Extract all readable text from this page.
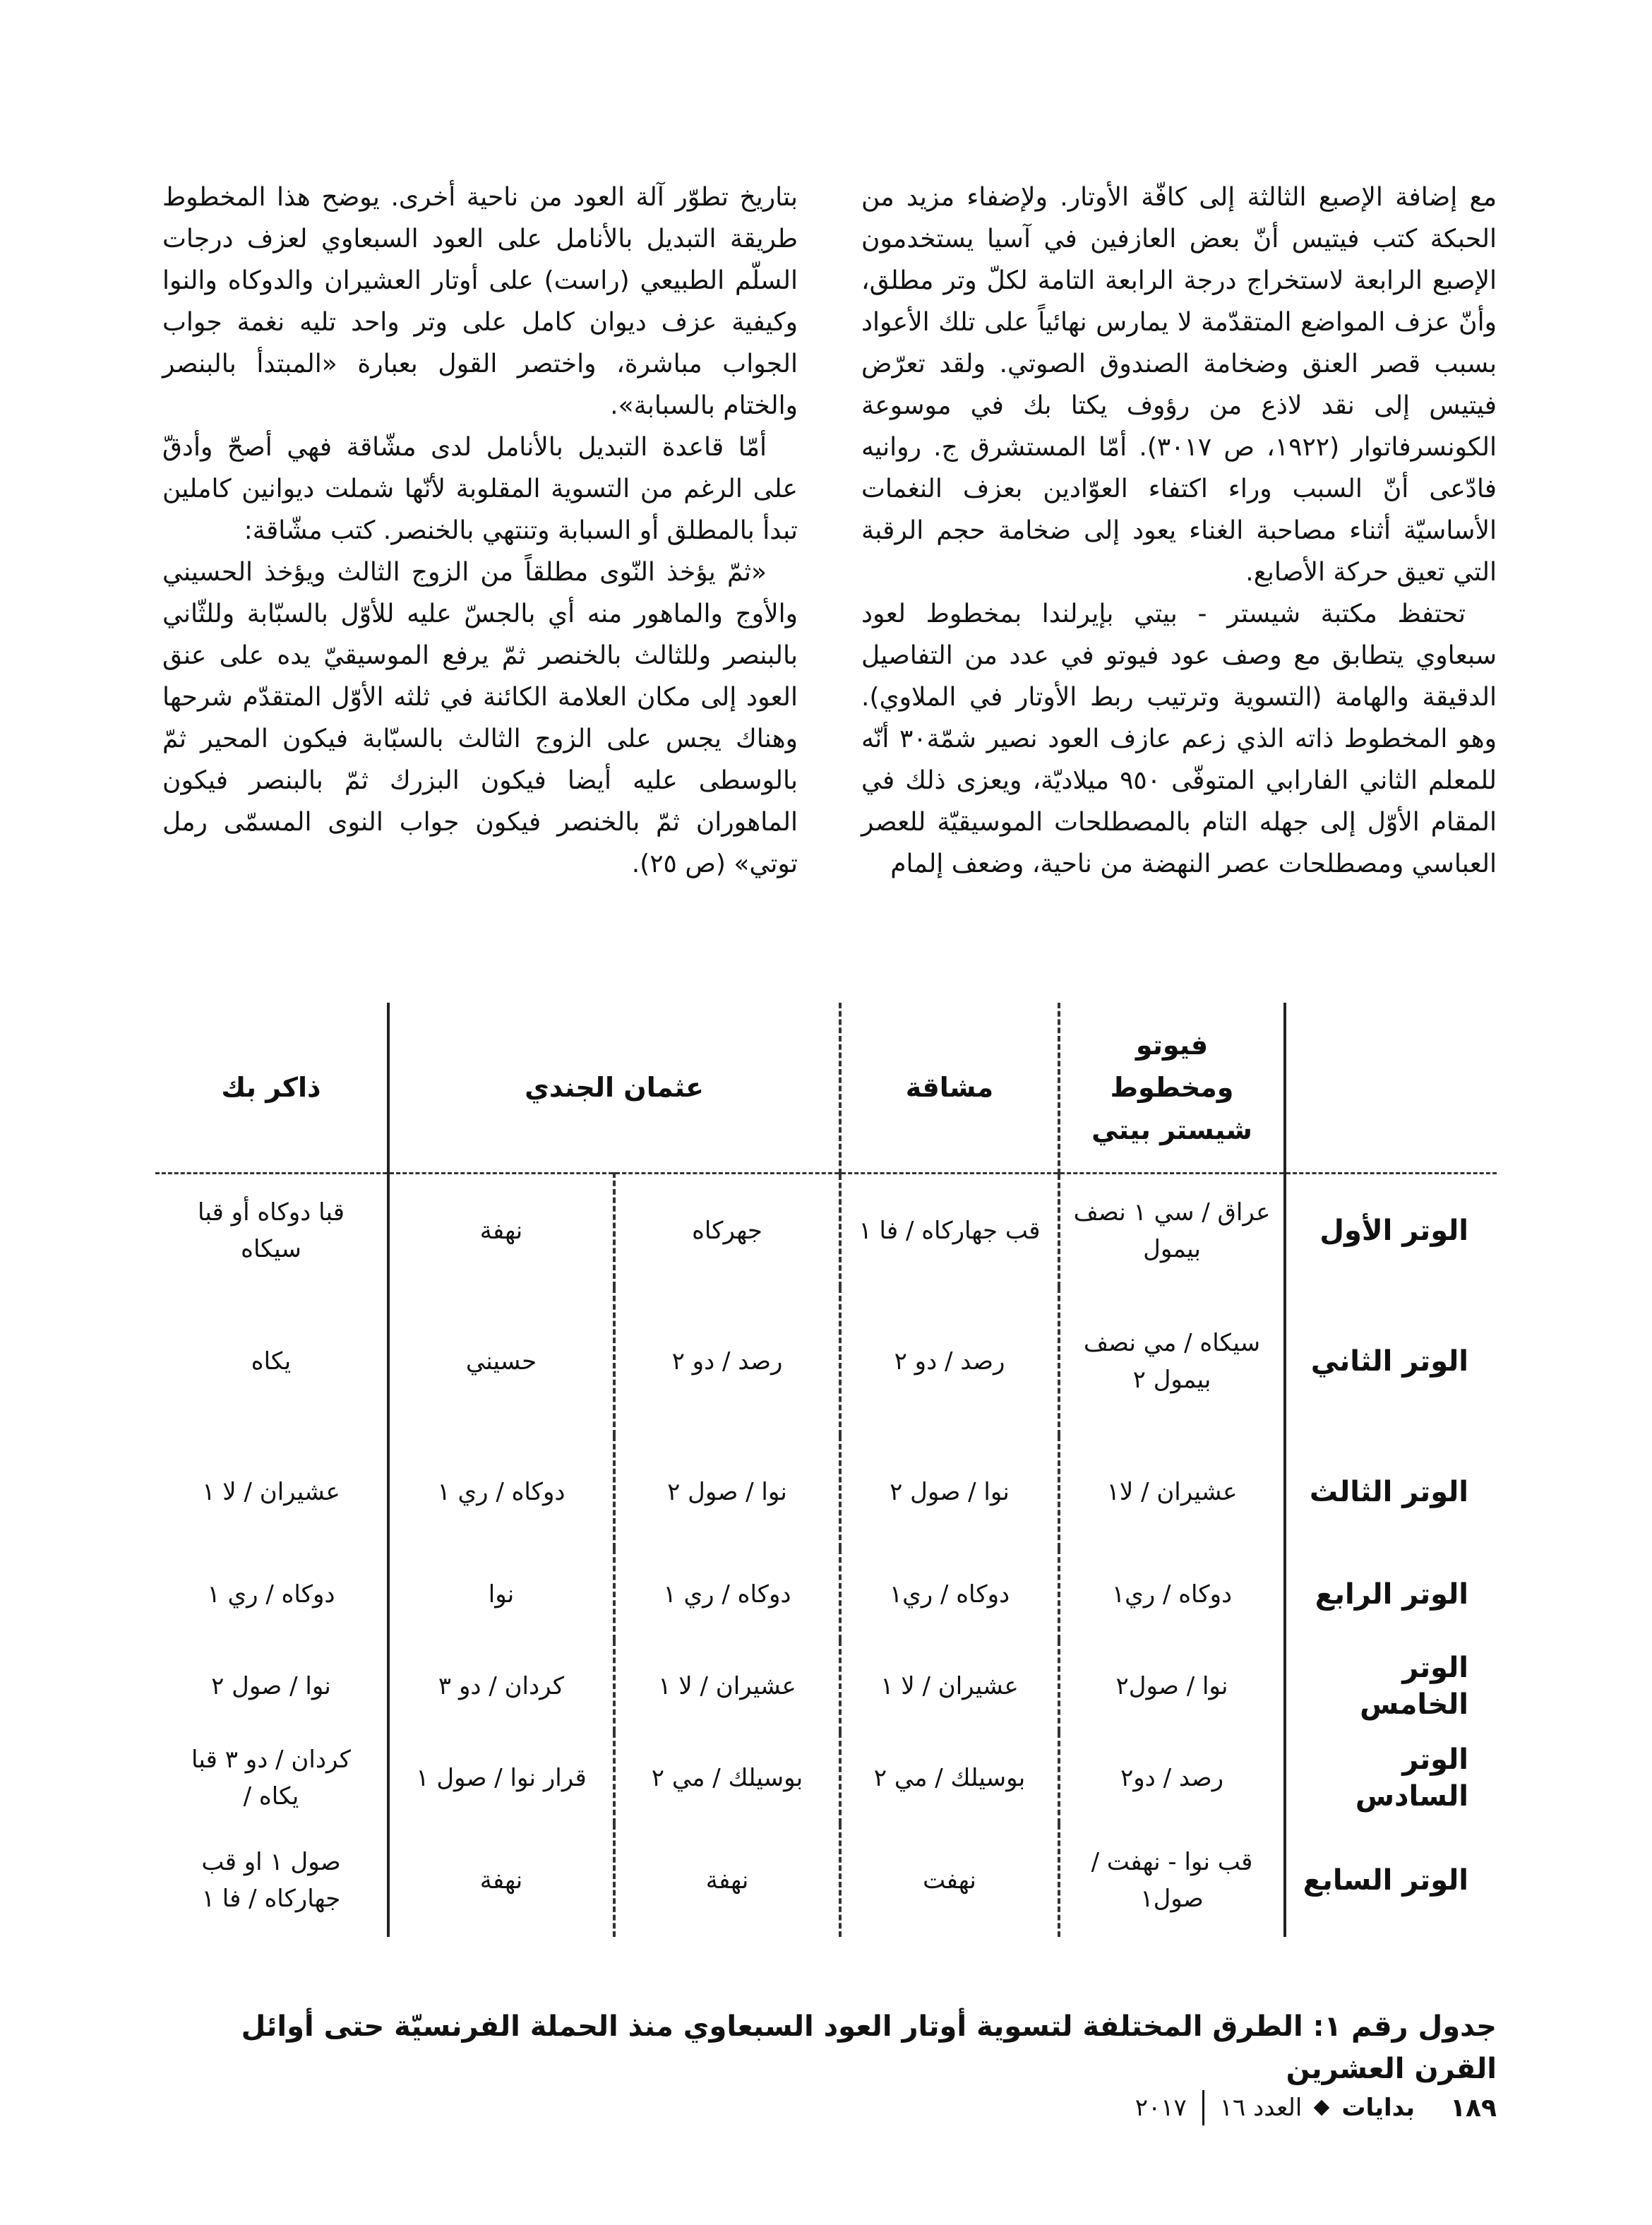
مع إضافة الإصبع الثالثة إلى كافّة الأوتار. ولإضفاء مزيد من الحبكة كتب فيتيس أنّ بعض العازفين في آسيا يستخدمون الإصبع الرابعة لاستخراج درجة الرابعة التامة لكلّ وتر مطلق، وأنّ عزف المواضع المتقدّمة لا يمارس نهائياً على تلك الأعواد بسبب قصر العنق وضخامة الصندوق الصوتي. ولقد تعرّض فيتيس إلى نقد لاذع من رؤوف يكتا بك في موسوعة الكونسرفاتوار (١٩٢٢، ص ٣٠١٧). أمّا المستشرق ج. روانيه فادّعى أنّ السبب وراء اكتفاء العوّادين بعزف النغمات الأساسيّة أثناء مصاحبة الغناء يعود إلى ضخامة حجم الرقبة التي تعيق حركة الأصابع.

تحتفظ مكتبة شيستر - بيتي بإيرلندا بمخطوط لعود سبعاوي يتطابق مع وصف عود فيوتو في عدد من التفاصيل الدقيقة والهامة (التسوية وترتيب ربط الأوتار في الملاوي). وهو المخطوط ذاته الذي زعم عازف العود نصير شمّة٣٠ أنّه للمعلم الثاني الفارابي المتوفّى ٩٥٠ ميلاديّة، ويعزى ذلك في المقام الأوّل إلى جهله التام بالمصطلحات الموسيقيّة للعصر العباسي ومصطلحات عصر النهضة من ناحية، وضعف إلمام

بتاريخ تطوّر آلة العود من ناحية أخرى. يوضح هذا المخطوط طريقة التبديل بالأنامل على العود السبعاوي لعزف درجات السلّم الطبيعي (راست) على أوتار العشيران والدوكاه والنوا وكيفية عزف ديوان كامل على وتر واحد تليه نغمة جواب الجواب مباشرة، واختصر القول بعبارة «المبتدأ بالبنصر والختام بالسبابة».

أمّا قاعدة التبديل بالأنامل لدى مشّاقة فهي أصحّ وأدقّ على الرغم من التسوية المقلوبة لأنّها شملت ديوانين كاملين تبدأ بالمطلق أو السبابة وتنتهي بالخنصر. كتب مشّاقة:

«ثمّ يؤخذ النّوى مطلقاً من الزوج الثالث ويؤخذ الحسيني والأوج والماهور منه أي بالجسّ عليه للأوّل بالسبّابة وللثّاني بالبنصر وللثالث بالخنصر ثمّ يرفع الموسيقيّ يده على عنق العود إلى مكان العلامة الكائنة في ثلثه الأوّل المتقدّم شرحها وهناك يجس على الزوج الثالث بالسبّابة فيكون المحير ثمّ بالوسطى عليه أيضا فيكون البزرك ثمّ بالبنصر فيكون الماهوران ثمّ بالخنصر فيكون جواب النوى المسمّى رمل توتي» (ص ٢٥).

	فيوتو ومخطوط شيستر بيتي	مشاقة	عثمان الجندي		ذاكر بك
الوتر الأول	عراق / سي ١ نصف بيمول	قب جهاركاه / فا ١	جهركاه	نهفة	قبا دوكاه أو قبا سيكاه
الوتر الثاني	سيكاه / مي نصف بيمول ٢	رصد / دو ٢	رصد / دو ٢	حسيني	يكاه
الوتر الثالث	عشيران / لا١	نوا / صول ٢	نوا / صول ٢	دوكاه / ري ١	عشيران / لا ١
الوتر الرابع	دوكاه / ري١	دوكاه / ري١	دوكاه / ري ١	نوا	دوكاه / ري ١
الوتر الخامس	نوا / صول٢	عشيران / لا ١	عشيران / لا ١	كردان / دو ٣	نوا / صول ٢
الوتر السادس	رصد / دو٢	بوسيلك / مي ٢	بوسيلك / مي ٢	قرار نوا / صول ١	كردان / دو ٣ قبا يكاه /
الوتر السابع	قب نوا - نهفت / صول١	نهفت	نهفة	نهفة	صول ١ او قب جهاركاه / فا ١
جدول رقم ١: الطرق المختلفة لتسوية أوتار العود السبعاوي منذ الحملة الفرنسيّة حتى أوائل القرن العشرين
١٨٩
بدايات
العدد ١٦
٢٠١٧
